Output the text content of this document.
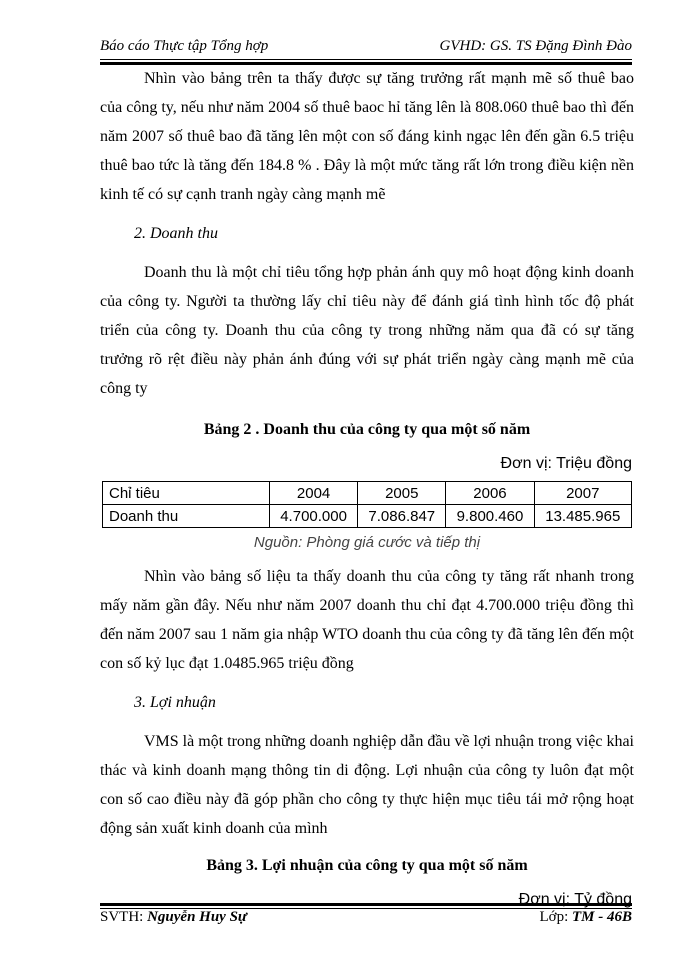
Báo cáo Thực tập Tổng hợp	GVHD: GS. TS Đặng Đình Đào

Nhìn vào bảng trên ta thấy được sự tăng trưởng rất mạnh mẽ số thuê bao của công ty, nếu như năm 2004 số thuê baoc hỉ tăng lên là 808.060 thuê bao thì đến năm 2007 số thuê bao đã tăng lên một con số đáng kinh ngạc lên đến gần 6.5 triệu thuê bao tức là tăng đến 184.8 % . Đây là một mức tăng rất lớn trong điều kiện nền kinh tế có sự cạnh tranh ngày càng mạnh mẽ

2. Doanh thu

Doanh thu là một chỉ tiêu tổng hợp phản ánh quy mô hoạt động kinh doanh của công ty. Người ta thường lấy chỉ tiêu này để đánh giá tình hình tốc độ phát triển của công ty. Doanh thu của công ty trong những năm qua đã có sự tăng trưởng rõ rệt điều này phản ánh đúng với sự phát triển ngày càng mạnh mẽ của công ty

Bảng 2 . Doanh thu của công ty qua một số năm

Đơn vị: Triệu đồng

Chỉ tiêu	2004	2005	2006	2007
Doanh thu	4.700.000	7.086.847	9.800.460	13.485.965

Nguồn: Phòng giá cước và tiếp thị

Nhìn vào bảng số liệu ta thấy doanh thu của công ty tăng rất nhanh trong mấy năm gần đây. Nếu như năm 2007 doanh thu chỉ đạt 4.700.000 triệu đồng thì đến năm 2007 sau 1 năm gia nhập WTO doanh thu của công ty đã tăng lên đến một con số kỷ lục đạt 1.0485.965 triệu đồng

3. Lợi nhuận

VMS là một trong những doanh nghiệp dẫn đầu về lợi nhuận trong việc khai thác và kinh doanh mạng thông tin di động. Lợi nhuận của công ty luôn đạt một con số cao điều này đã góp phần cho công ty thực hiện mục tiêu tái mở rộng hoạt động sản xuất kinh doanh của mình

Bảng 3. Lợi nhuận của công ty qua một số năm

Đơn vị: Tỷ đồng

SVTH: Nguyễn Huy Sự	Lớp: TM - 46B
